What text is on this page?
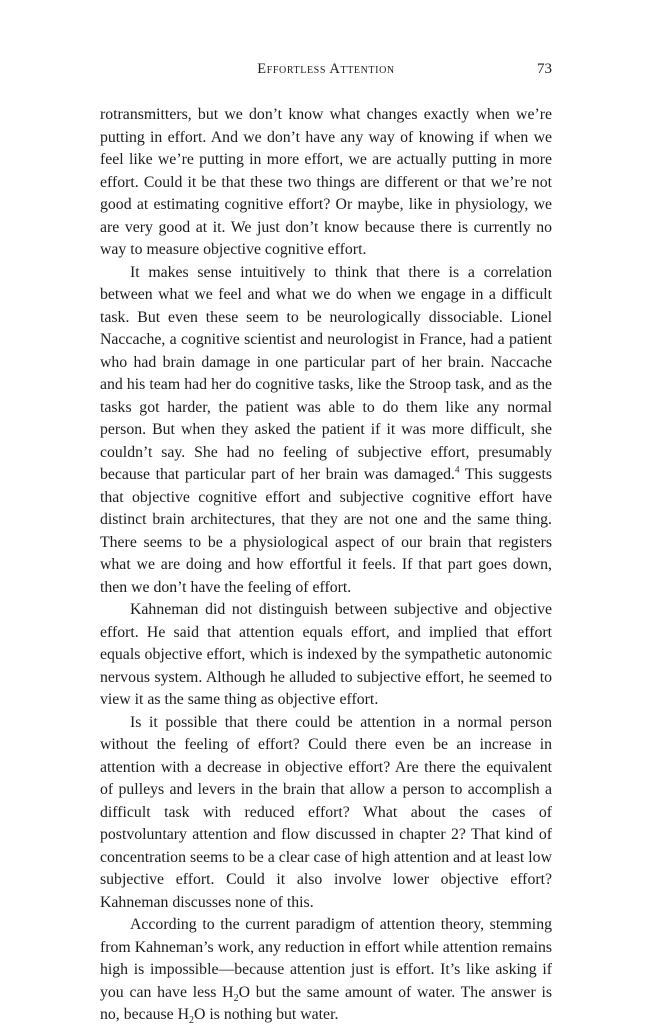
Effortless Attention	73

rotransmitters, but we don’t know what changes exactly when we’re putting in effort. And we don’t have any way of knowing if when we feel like we’re putting in more effort, we are actually putting in more effort. Could it be that these two things are different or that we’re not good at estimating cognitive effort? Or maybe, like in physiology, we are very good at it. We just don’t know because there is currently no way to measure objective cognitive effort.

It makes sense intuitively to think that there is a correlation between what we feel and what we do when we engage in a difficult task. But even these seem to be neurologically dissociable. Lionel Naccache, a cognitive scientist and neurologist in France, had a patient who had brain damage in one particular part of her brain. Naccache and his team had her do cognitive tasks, like the Stroop task, and as the tasks got harder, the patient was able to do them like any normal person. But when they asked the patient if it was more difficult, she couldn’t say. She had no feeling of subjective effort, presumably because that particular part of her brain was damaged.$^4$ This suggests that objective cognitive effort and subjective cognitive effort have distinct brain architectures, that they are not one and the same thing. There seems to be a physiological aspect of our brain that registers what we are doing and how effortful it feels. If that part goes down, then we don’t have the feeling of effort.

Kahneman did not distinguish between subjective and objective effort. He said that attention equals effort, and implied that effort equals objective effort, which is indexed by the sympathetic autonomic nervous system. Although he alluded to subjective effort, he seemed to view it as the same thing as objective effort.

Is it possible that there could be attention in a normal person without the feeling of effort? Could there even be an increase in attention with a decrease in objective effort? Are there the equivalent of pulleys and levers in the brain that allow a person to accomplish a difficult task with reduced effort? What about the cases of postvoluntary attention and flow discussed in chapter 2? That kind of concentration seems to be a clear case of high attention and at least low subjective effort. Could it also involve lower objective effort? Kahneman discusses none of this.

According to the current paradigm of attention theory, stemming from Kahneman’s work, any reduction in effort while attention remains high is impossible—because attention just is effort. It’s like asking if you can have less $H_2O$ but the same amount of water. The answer is no, because $H_2O$ is nothing but water.
